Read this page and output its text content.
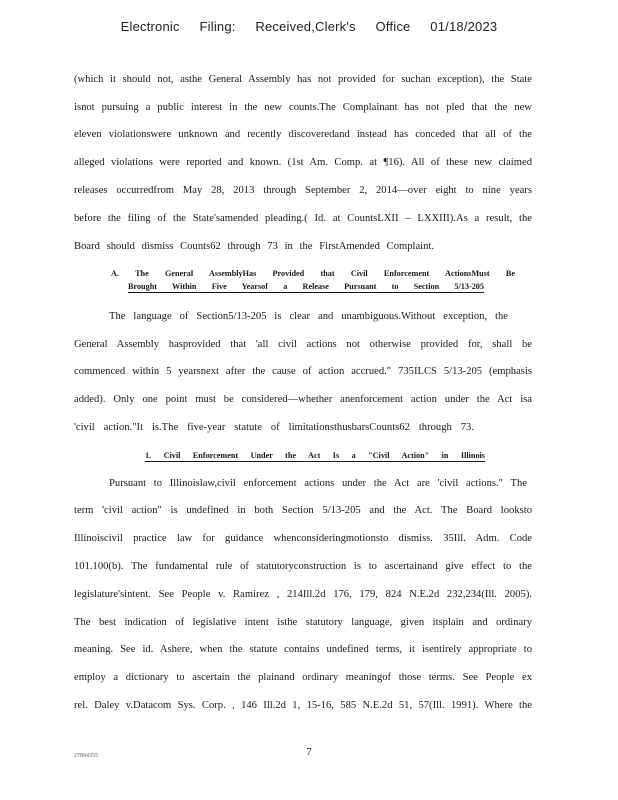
Electronic Filing: Received,Clerk's Office 01/18/2023
(which it should not, asthe General Assembly has not provided for suchan exception), the State
isnot pursuing a public interest in the new counts.The Complainant has not pled that the new
eleven violationswere unknown and recently discoveredand instead has conceded that all of the
alleged violations were reported and known. (1st Am. Comp. at ¶16). All of these new claimed
releases occurredfrom May 28, 2013 through September 2, 2014—over eight to nine years
before the filing of the State'samended pleading.( Id. at CountsLXII – LXXIII).As a result, the
Board should dismiss Counts62 through 73 in the FirstAmended Complaint.
A. The General AssemblyHas Provided that Civil Enforcement ActionsMust Be
Brought Within Five Yearsof a Release Pursuant to Section 5/13-205
The language of Section5/13-205 is clear and unambiguous.Without exception, the
General Assembly hasprovided that 'all civil actions not otherwise provided for, shall be
commenced within 5 yearsnext after the cause of action accrued." 735ILCS 5/13-205 (emphasis
added). Only one point must be considered—whether anenforcement action under the Act isa
'civil action."It is.The five-year statute of limitationsthusbarsCounts62 through 73.
1. Civil Enforcement Under the Act Is a "Civil Action" in Illinois
Pursuant to Illinoislaw,civil enforcement actions under the Act are 'civil actions." The
term 'civil action" is undefined in both Section 5/13-205 and the Act. The Board looksto
Illinoiscivil practice law for guidance whenconsideringmotionsto dismiss. 35Ill. Adm. Code
101.100(b). The fundamental rule of statutoryconstruction is to ascertainand give effect to the
legislature'sintent. See People v. Ramirez , 214Ill.2d 176, 179, 824 N.E.2d 232,234(Ill. 2005).
The best indication of legislative intent isthe statutory language, given itsplain and ordinary
meaning. See id. Ashere, when the statute contains undefined terms, it isentirely appropriate to
employ a dictionary to ascertain the plainand ordinary meaningof those terms. See People ex
rel. Daley v.Datacom Sys. Corp. , 146 Ill.2d 1, 15-16, 585 N.E.2d 51, 57(Ill. 1991). Where the
27894355	7
